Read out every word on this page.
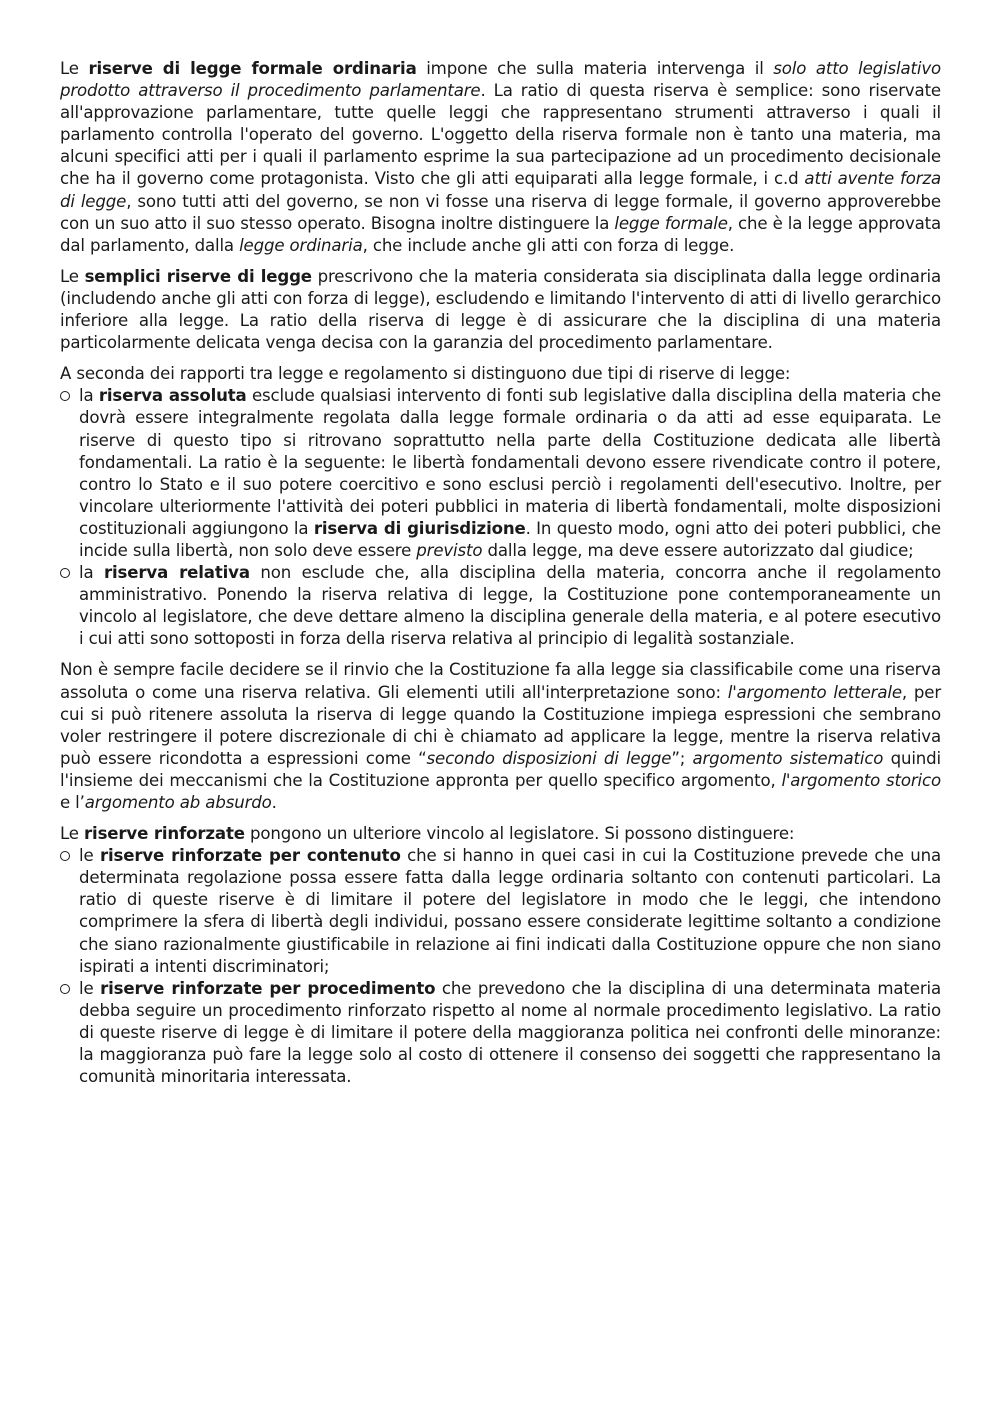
Le riserve di legge formale ordinaria impone che sulla materia intervenga il solo atto legislativo prodotto attraverso il procedimento parlamentare. La ratio di questa riserva è semplice: sono riservate all'approvazione parlamentare, tutte quelle leggi che rappresentano strumenti attraverso i quali il parlamento controlla l'operato del governo. L'oggetto della riserva formale non è tanto una materia, ma alcuni specifici atti per i quali il parlamento esprime la sua partecipazione ad un procedimento decisionale che ha il governo come protagonista. Visto che gli atti equiparati alla legge formale, i c.d atti avente forza di legge, sono tutti atti del governo, se non vi fosse una riserva di legge formale, il governo approverebbe con un suo atto il suo stesso operato. Bisogna inoltre distinguere la legge formale, che è la legge approvata dal parlamento, dalla legge ordinaria, che include anche gli atti con forza di legge.

Le semplici riserve di legge prescrivono che la materia considerata sia disciplinata dalla legge ordinaria (includendo anche gli atti con forza di legge), escludendo e limitando l'intervento di atti di livello gerarchico inferiore alla legge. La ratio della riserva di legge è di assicurare che la disciplina di una materia particolarmente delicata venga decisa con la garanzia del procedimento parlamentare.

A seconda dei rapporti tra legge e regolamento si distinguono due tipi di riserve di legge:

la riserva assoluta esclude qualsiasi intervento di fonti sub legislative dalla disciplina della materia che dovrà essere integralmente regolata dalla legge formale ordinaria o da atti ad esse equiparata. Le riserve di questo tipo si ritrovano soprattutto nella parte della Costituzione dedicata alle libertà fondamentali. La ratio è la seguente: le libertà fondamentali devono essere rivendicate contro il potere, contro lo Stato e il suo potere coercitivo e sono esclusi perciò i regolamenti dell'esecutivo. Inoltre, per vincolare ulteriormente l'attività dei poteri pubblici in materia di libertà fondamentali, molte disposizioni costituzionali aggiungono la riserva di giurisdizione. In questo modo, ogni atto dei poteri pubblici, che incide sulla libertà, non solo deve essere previsto dalla legge, ma deve essere autorizzato dal giudice;
la riserva relativa non esclude che, alla disciplina della materia, concorra anche il regolamento amministrativo. Ponendo la riserva relativa di legge, la Costituzione pone contemporaneamente un vincolo al legislatore, che deve dettare almeno la disciplina generale della materia, e al potere esecutivo i cui atti sono sottoposti in forza della riserva relativa al principio di legalità sostanziale.

Non è sempre facile decidere se il rinvio che la Costituzione fa alla legge sia classificabile come una riserva assoluta o come una riserva relativa. Gli elementi utili all'interpretazione sono: l'argomento letterale, per cui si può ritenere assoluta la riserva di legge quando la Costituzione impiega espressioni che sembrano voler restringere il potere discrezionale di chi è chiamato ad applicare la legge, mentre la riserva relativa può essere ricondotta a espressioni come “secondo disposizioni di legge”; argomento sistematico quindi l'insieme dei meccanismi che la Costituzione appronta per quello specifico argomento, l'argomento storico e l’argomento ab absurdo.

Le riserve rinforzate pongono un ulteriore vincolo al legislatore. Si possono distinguere:

le riserve rinforzate per contenuto che si hanno in quei casi in cui la Costituzione prevede che una determinata regolazione possa essere fatta dalla legge ordinaria soltanto con contenuti particolari. La ratio di queste riserve è di limitare il potere del legislatore in modo che le leggi, che intendono comprimere la sfera di libertà degli individui, possano essere considerate legittime soltanto a condizione che siano razionalmente giustificabile in relazione ai fini indicati dalla Costituzione oppure che non siano ispirati a intenti discriminatori;
le riserve rinforzate per procedimento che prevedono che la disciplina di una determinata materia debba seguire un procedimento rinforzato rispetto al nome al normale procedimento legislativo. La ratio di queste riserve di legge è di limitare il potere della maggioranza politica nei confronti delle minoranze: la maggioranza può fare la legge solo al costo di ottenere il consenso dei soggetti che rappresentano la comunità minoritaria interessata.
